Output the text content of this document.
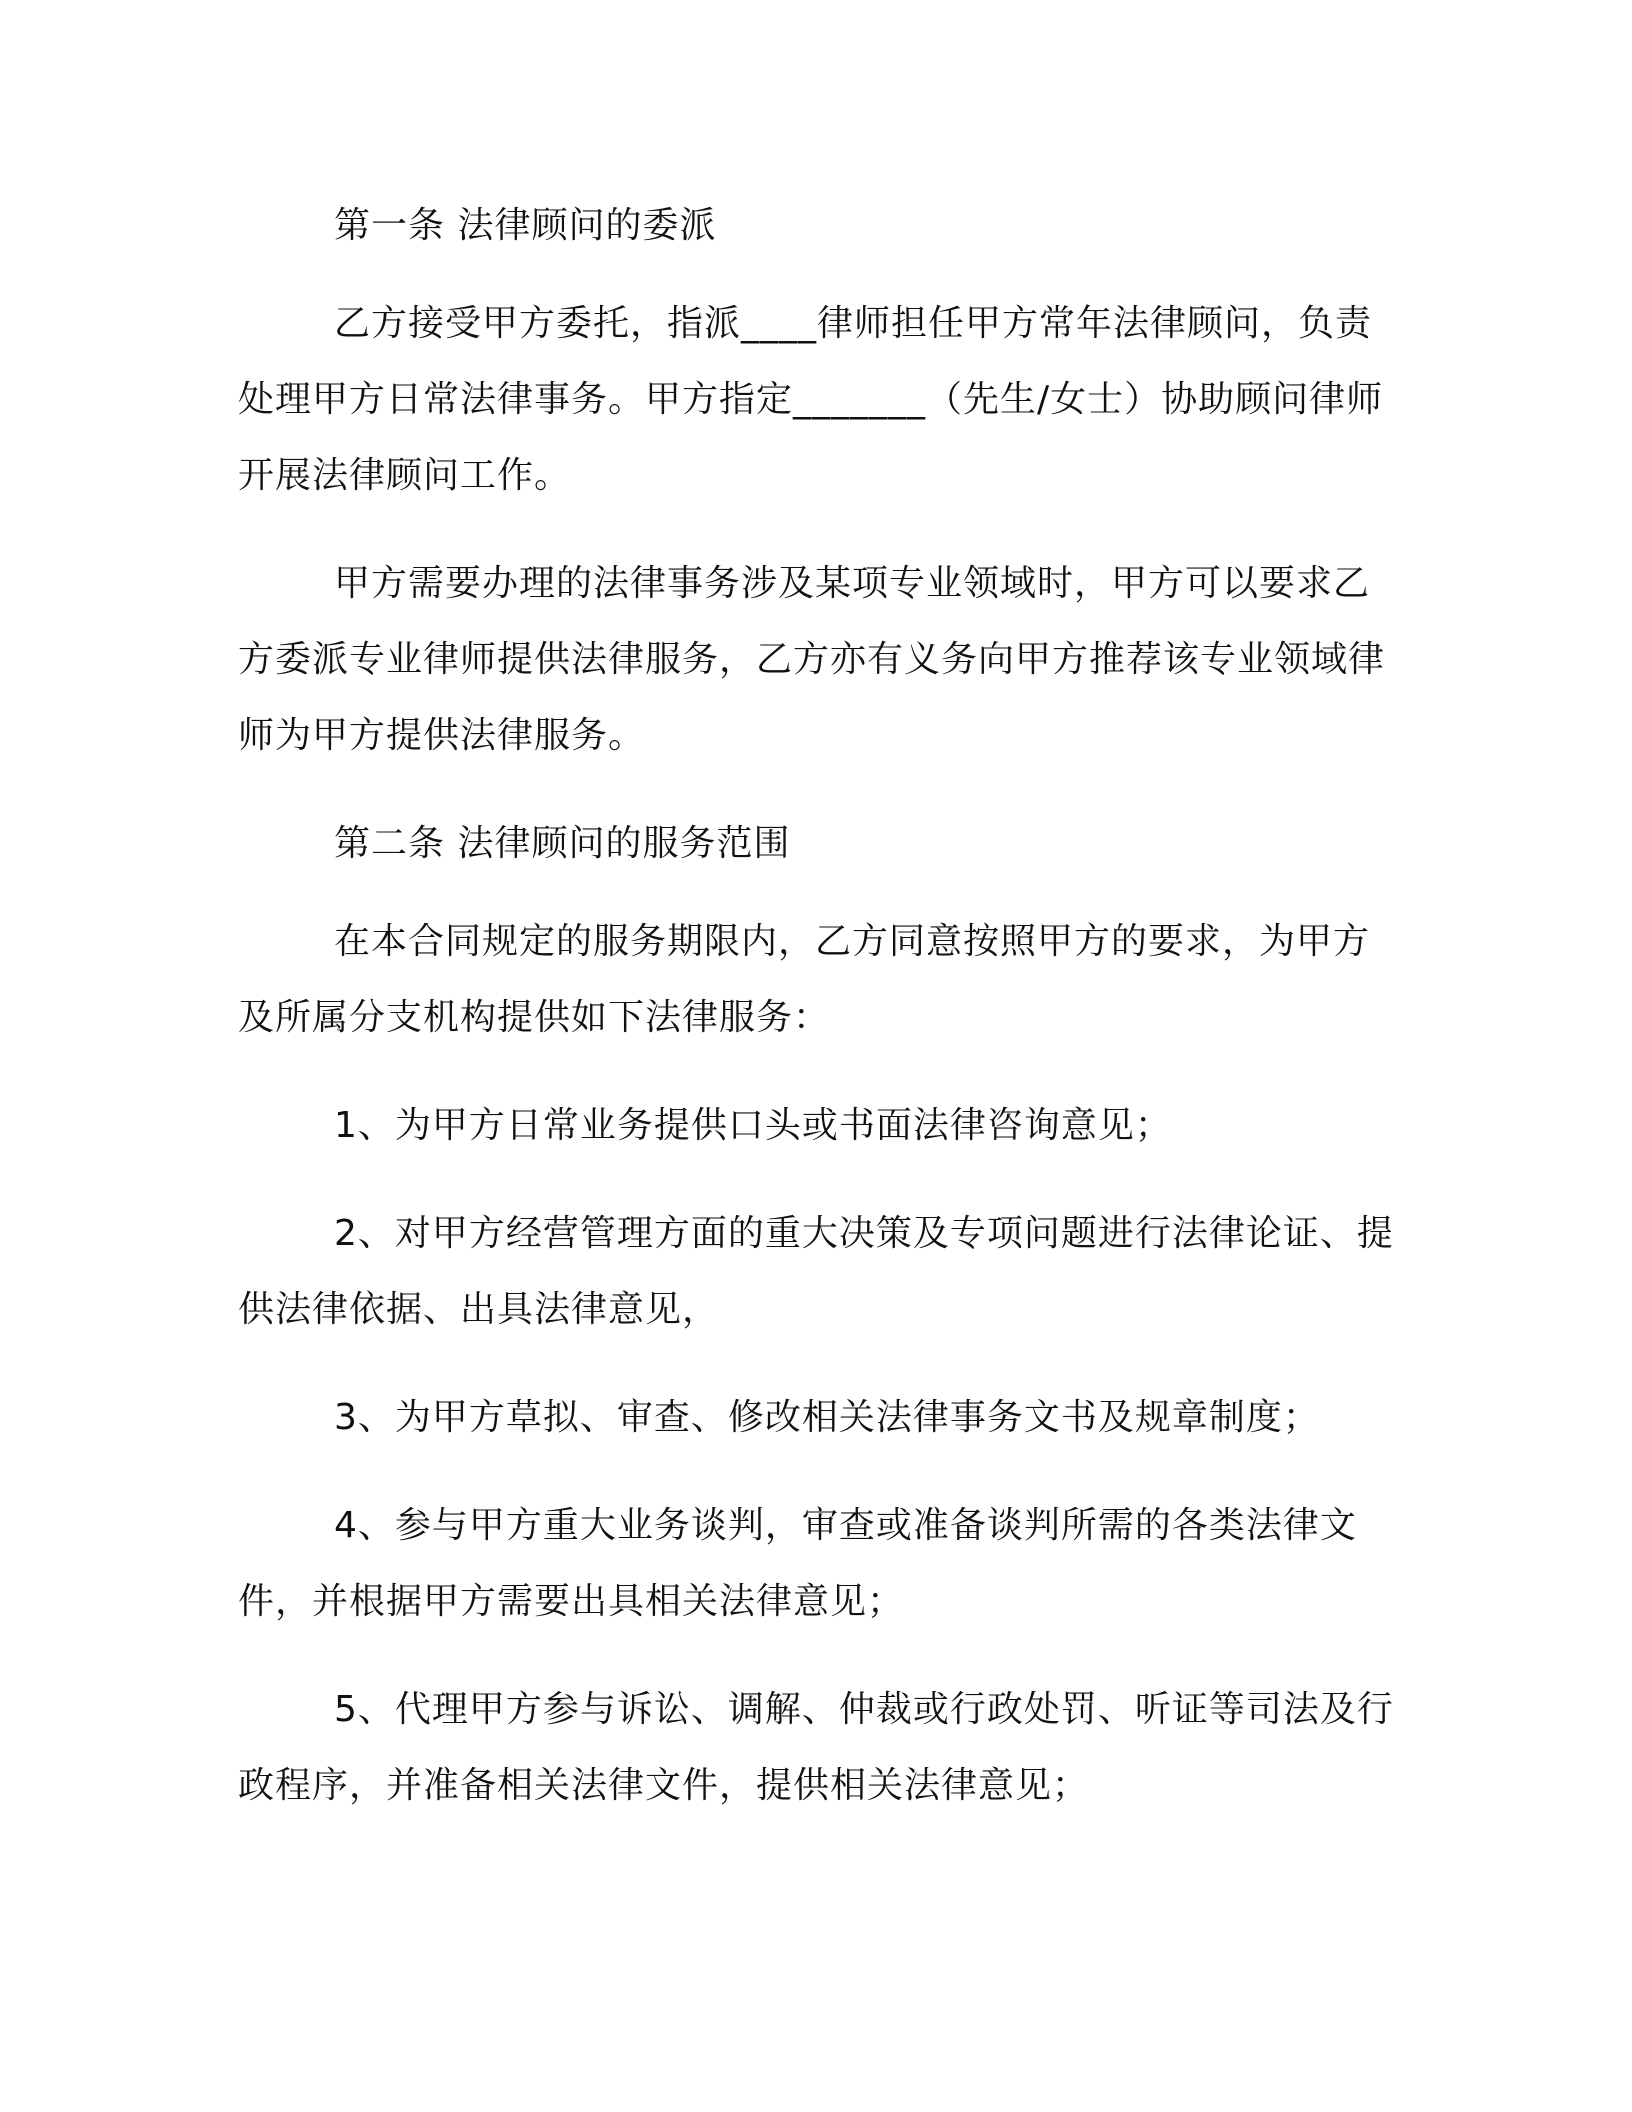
第一条 法律顾问的委派

乙方接受甲方委托，指派____律师担任甲方常年法律顾问，负责处理甲方日常法律事务。甲方指定_______（先生/女士）协助顾问律师开展法律顾问工作。

甲方需要办理的法律事务涉及某项专业领域时，甲方可以要求乙方委派专业律师提供法律服务，乙方亦有义务向甲方推荐该专业领域律师为甲方提供法律服务。

第二条 法律顾问的服务范围

在本合同规定的服务期限内，乙方同意按照甲方的要求，为甲方及所属分支机构提供如下法律服务：

1、为甲方日常业务提供口头或书面法律咨询意见；

2、对甲方经营管理方面的重大决策及专项问题进行法律论证、提供法律依据、出具法律意见，

3、为甲方草拟、审查、修改相关法律事务文书及规章制度；

4、参与甲方重大业务谈判，审查或准备谈判所需的各类法律文件，并根据甲方需要出具相关法律意见；

5、代理甲方参与诉讼、调解、仲裁或行政处罚、听证等司法及行政程序，并准备相关法律文件，提供相关法律意见；
